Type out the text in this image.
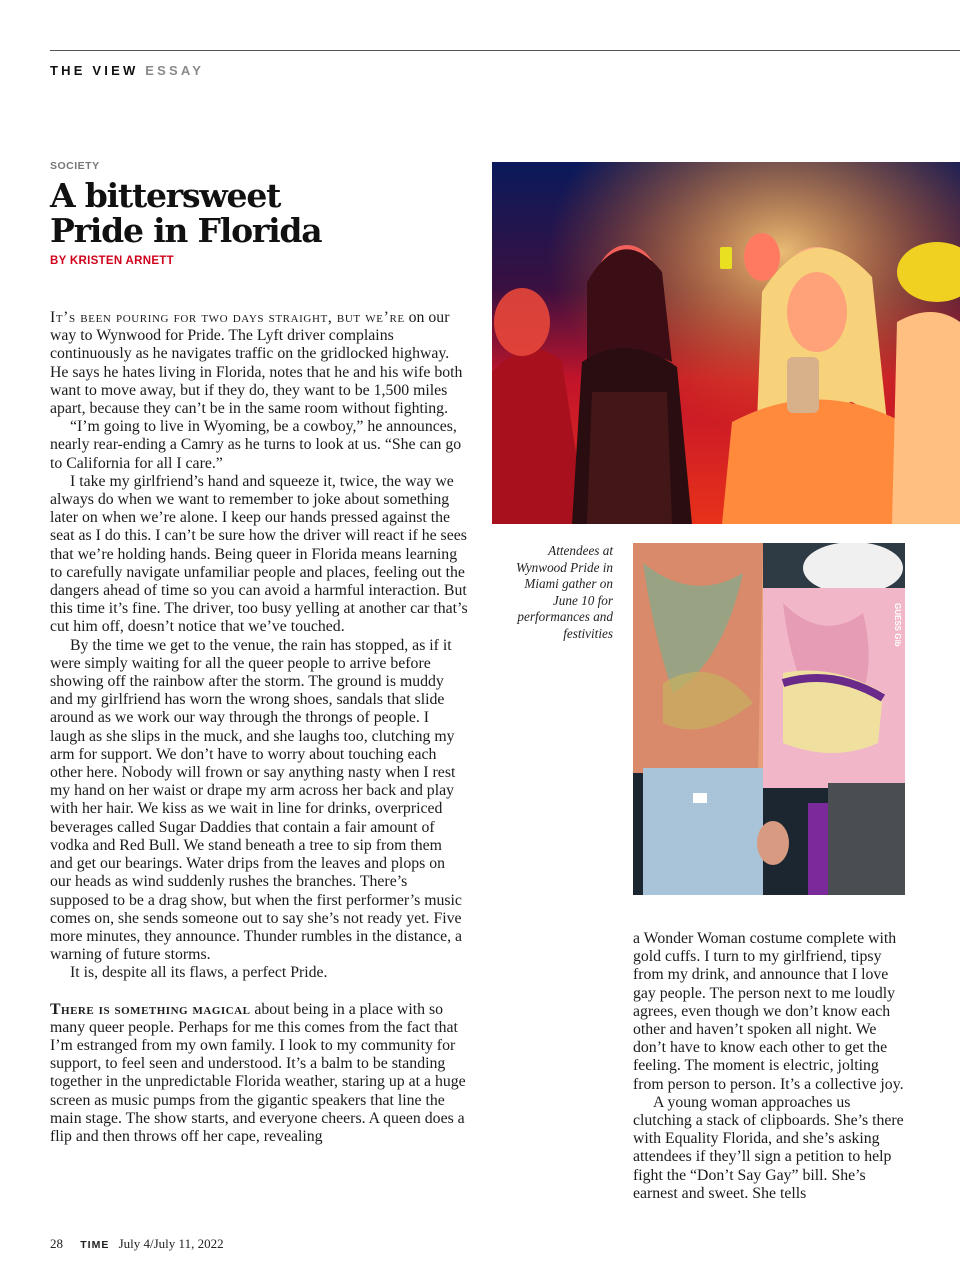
THE VIEW ESSAY
SOCIETY
A bittersweet
Pride in Florida
BY KRISTEN ARNETT

It’s been pouring for two days straight, but we’re on our way to Wynwood for Pride. The Lyft driver complains continuously as he navigates traffic on the gridlocked highway. He says he hates living in Florida, notes that he and his wife both want to move away, but if they do, they want to be 1,500 miles apart, because they can’t be in the same room without fighting.

“I’m going to live in Wyoming, be a cowboy,” he announces, nearly rear-ending a Camry as he turns to look at us. “She can go to California for all I care.”

I take my girlfriend’s hand and squeeze it, twice, the way we always do when we want to remember to joke about something later on when we’re alone. I keep our hands pressed against the seat as I do this. I can’t be sure how the driver will react if he sees that we’re holding hands. Being queer in Florida means learning to carefully navigate unfamiliar people and places, feeling out the dangers ahead of time so you can avoid a harmful interaction. But this time it’s fine. The driver, too busy yelling at another car that’s cut him off, doesn’t notice that we’ve touched.

By the time we get to the venue, the rain has stopped, as if it were simply waiting for all the queer people to arrive before showing off the rainbow after the storm. The ground is muddy and my girlfriend has worn the wrong shoes, sandals that slide around as we work our way through the throngs of people. I laugh as she slips in the muck, and she laughs too, clutching my arm for support. We don’t have to worry about touching each other here. Nobody will frown or say anything nasty when I rest my hand on her waist or drape my arm across her back and play with her hair. We kiss as we wait in line for drinks, overpriced beverages called Sugar Daddies that contain a fair amount of vodka and Red Bull. We stand beneath a tree to sip from them and get our bearings. Water drips from the leaves and plops on our heads as wind suddenly rushes the branches. There’s supposed to be a drag show, but when the first performer’s music comes on, she sends someone out to say she’s not ready yet. Five more minutes, they announce. Thunder rumbles in the distance, a warning of future storms.

It is, despite all its flaws, a perfect Pride.

There is something magical about being in a place with so many queer people. Perhaps for me this comes from the fact that I’m estranged from my own family. I look to my community for support, to feel seen and understood. It’s a balm to be standing together in the unpredictable Florida weather, staring up at a huge screen as music pumps from the gigantic speakers that line the main stage. The show starts, and everyone cheers. A queen does a flip and then throws off her cape, revealing

Attendees at Wynwood Pride in Miami gather on June 10 for performances and festivities	GUESS Gib

a Wonder Woman costume complete with gold cuffs. I turn to my girlfriend, tipsy from my drink, and announce that I love gay people. The person next to me loudly agrees, even though we don’t know each other and haven’t spoken all night. We don’t have to know each other to get the feeling. The moment is electric, jolting from person to person. It’s a collective joy.

A young woman approaches us clutching a stack of clipboards. She’s there with Equality Florida, and she’s asking attendees if they’ll sign a petition to help fight the “Don’t Say Gay” bill. She’s earnest and sweet. She tells

28 TIME July 4/July 11, 2022
